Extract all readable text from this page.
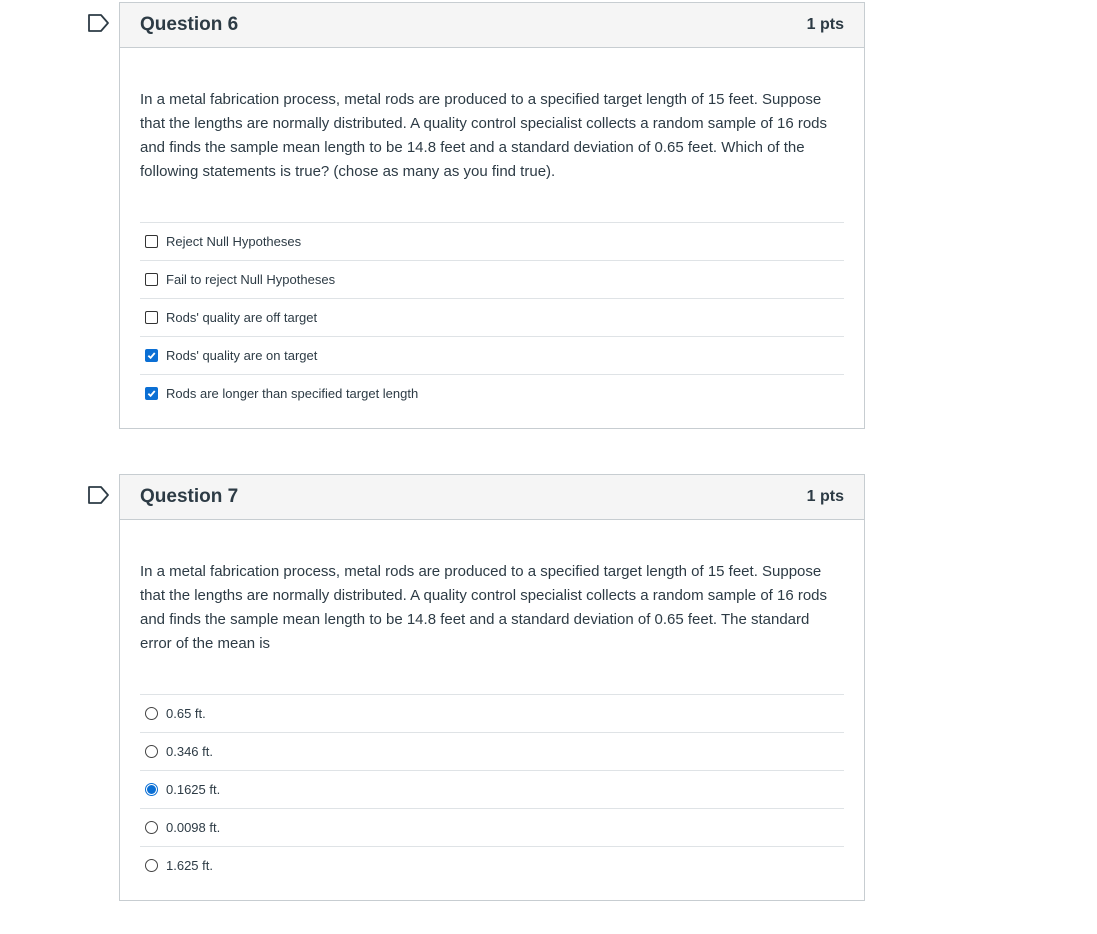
Question 6	1 pts

In a metal fabrication process, metal rods are produced to a specified target length of 15 feet. Suppose that the lengths are normally distributed. A quality control specialist collects a random sample of 16 rods and finds the sample mean length to be 14.8 feet and a standard deviation of 0.65 feet. Which of the following statements is true? (chose as many as you find true).

Reject Null Hypotheses
Fail to reject Null Hypotheses
Rods' quality are off target
Rods' quality are on target
Rods are longer than specified target length
Question 7	1 pts

In a metal fabrication process, metal rods are produced to a specified target length of 15 feet. Suppose that the lengths are normally distributed. A quality control specialist collects a random sample of 16 rods and finds the sample mean length to be 14.8 feet and a standard deviation of 0.65 feet. The standard error of the mean is

0.65 ft.
0.346 ft.
0.1625 ft.
0.0098 ft.
1.625 ft.
